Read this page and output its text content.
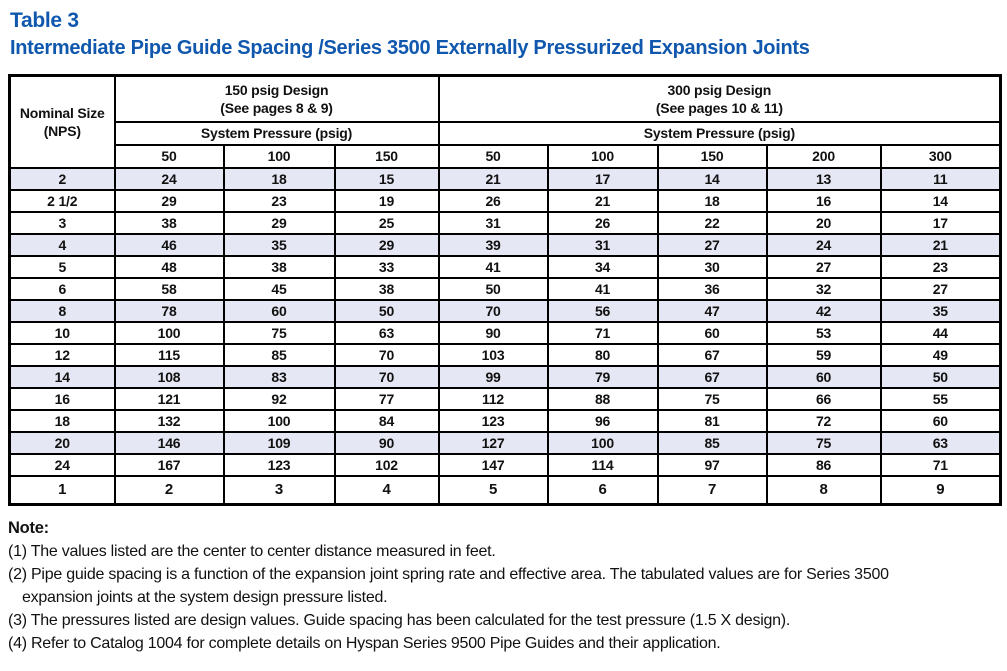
Table 3
Intermediate Pipe Guide Spacing /Series 3500 Externally Pressurized Expansion Joints
Nominal Size
(NPS)

150 psig Design
(See pages 8 & 9)

300 psig Design
(See pages 10 & 11)

	System Pressure (psig)			System Pressure (psig)				
	50	100	150	50	100	150	200	300
2	24	18	15	21	17	14	13	11
2 1/2	29	23	19	26	21	18	16	14
3	38	29	25	31	26	22	20	17
4	46	35	29	39	31	27	24	21
5	48	38	33	41	34	30	27	23
6	58	45	38	50	41	36	32	27
8	78	60	50	70	56	47	42	35
10	100	75	63	90	71	60	53	44
12	115	85	70	103	80	67	59	49
14	108	83	70	99	79	67	60	50
16	121	92	77	112	88	75	66	55
18	132	100	84	123	96	81	72	60
20	146	109	90	127	100	85	75	63
24	167	123	102	147	114	97	86	71
1	2	3	4	5	6	7	8	9
Note:
(1) The values listed are the center to center distance measured in feet.
(2) Pipe guide spacing is a function of the expansion joint spring rate and effective area. The tabulated values are for Series 3500 expansion joints at the system design pressure listed.
(3) The pressures listed are design values. Guide spacing has been calculated for the test pressure (1.5 X design).
(4) Refer to Catalog 1004 for complete details on Hyspan Series 9500 Pipe Guides and their application.
